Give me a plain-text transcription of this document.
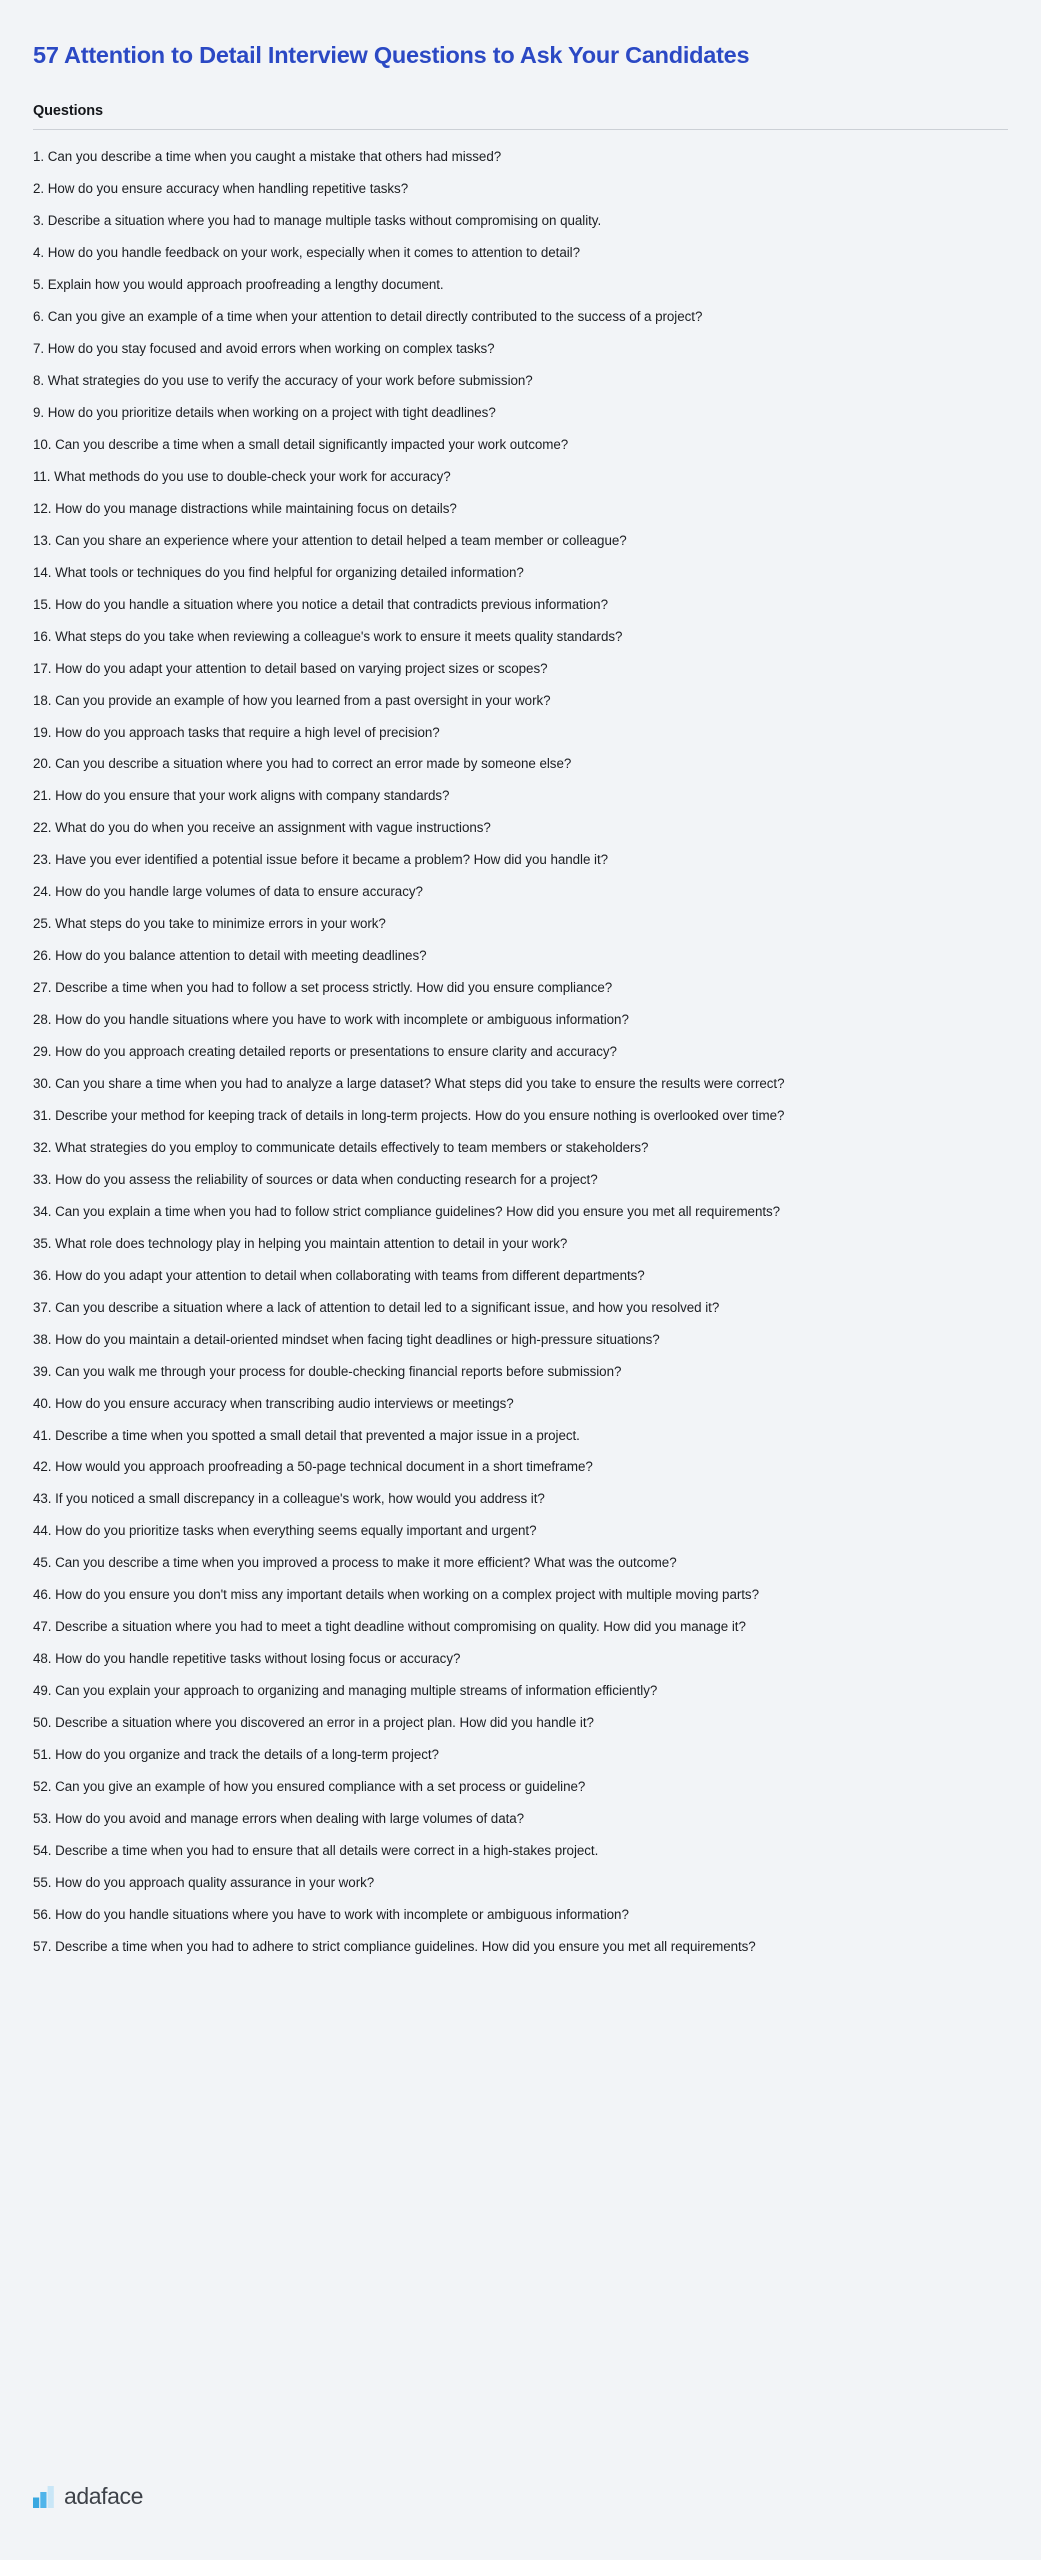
57 Attention to Detail Interview Questions to Ask Your Candidates
Questions
1. Can you describe a time when you caught a mistake that others had missed?
2. How do you ensure accuracy when handling repetitive tasks?
3. Describe a situation where you had to manage multiple tasks without compromising on quality.
4. How do you handle feedback on your work, especially when it comes to attention to detail?
5. Explain how you would approach proofreading a lengthy document.
6. Can you give an example of a time when your attention to detail directly contributed to the success of a project?
7. How do you stay focused and avoid errors when working on complex tasks?
8. What strategies do you use to verify the accuracy of your work before submission?
9. How do you prioritize details when working on a project with tight deadlines?
10. Can you describe a time when a small detail significantly impacted your work outcome?
11. What methods do you use to double-check your work for accuracy?
12. How do you manage distractions while maintaining focus on details?
13. Can you share an experience where your attention to detail helped a team member or colleague?
14. What tools or techniques do you find helpful for organizing detailed information?
15. How do you handle a situation where you notice a detail that contradicts previous information?
16. What steps do you take when reviewing a colleague's work to ensure it meets quality standards?
17. How do you adapt your attention to detail based on varying project sizes or scopes?
18. Can you provide an example of how you learned from a past oversight in your work?
19. How do you approach tasks that require a high level of precision?
20. Can you describe a situation where you had to correct an error made by someone else?
21. How do you ensure that your work aligns with company standards?
22. What do you do when you receive an assignment with vague instructions?
23. Have you ever identified a potential issue before it became a problem? How did you handle it?
24. How do you handle large volumes of data to ensure accuracy?
25. What steps do you take to minimize errors in your work?
26. How do you balance attention to detail with meeting deadlines?
27. Describe a time when you had to follow a set process strictly. How did you ensure compliance?
28. How do you handle situations where you have to work with incomplete or ambiguous information?
29. How do you approach creating detailed reports or presentations to ensure clarity and accuracy?
30. Can you share a time when you had to analyze a large dataset? What steps did you take to ensure the results were correct?
31. Describe your method for keeping track of details in long-term projects. How do you ensure nothing is overlooked over time?
32. What strategies do you employ to communicate details effectively to team members or stakeholders?
33. How do you assess the reliability of sources or data when conducting research for a project?
34. Can you explain a time when you had to follow strict compliance guidelines? How did you ensure you met all requirements?
35. What role does technology play in helping you maintain attention to detail in your work?
36. How do you adapt your attention to detail when collaborating with teams from different departments?
37. Can you describe a situation where a lack of attention to detail led to a significant issue, and how you resolved it?
38. How do you maintain a detail-oriented mindset when facing tight deadlines or high-pressure situations?
39. Can you walk me through your process for double-checking financial reports before submission?
40. How do you ensure accuracy when transcribing audio interviews or meetings?
41. Describe a time when you spotted a small detail that prevented a major issue in a project.
42. How would you approach proofreading a 50-page technical document in a short timeframe?
43. If you noticed a small discrepancy in a colleague's work, how would you address it?
44. How do you prioritize tasks when everything seems equally important and urgent?
45. Can you describe a time when you improved a process to make it more efficient? What was the outcome?
46. How do you ensure you don't miss any important details when working on a complex project with multiple moving parts?
47. Describe a situation where you had to meet a tight deadline without compromising on quality. How did you manage it?
48. How do you handle repetitive tasks without losing focus or accuracy?
49. Can you explain your approach to organizing and managing multiple streams of information efficiently?
50. Describe a situation where you discovered an error in a project plan. How did you handle it?
51. How do you organize and track the details of a long-term project?
52. Can you give an example of how you ensured compliance with a set process or guideline?
53. How do you avoid and manage errors when dealing with large volumes of data?
54. Describe a time when you had to ensure that all details were correct in a high-stakes project.
55. How do you approach quality assurance in your work?
56. How do you handle situations where you have to work with incomplete or ambiguous information?
57. Describe a time when you had to adhere to strict compliance guidelines. How did you ensure you met all requirements?
adaface
